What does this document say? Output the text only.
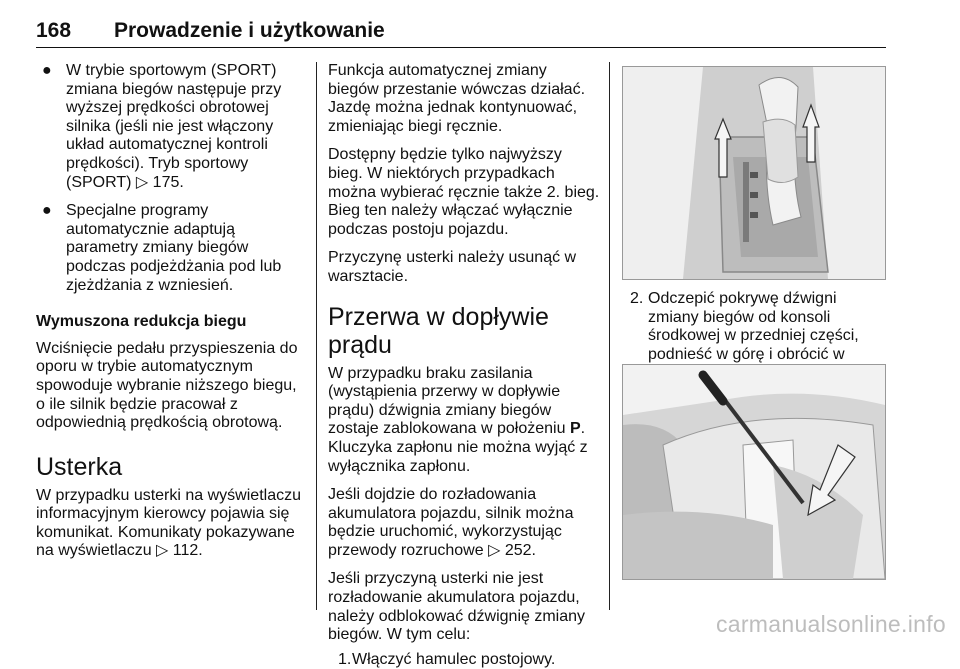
168	Prowadzenie i użytkowanie
● W trybie sportowym (SPORT) zmiana biegów następuje przy wyższej prędkości obrotowej silnika (jeśli nie jest włączony układ automatycznej kontroli prędkości). Tryb sportowy (SPORT) ▷ 175.
● Specjalne programy automatycznie adaptują parametry zmiany biegów podczas podjeżdżania pod lub zjeżdżania z wzniesień.
Wymuszona redukcja biegu

Wciśnięcie pedału przyspieszenia do oporu w trybie automatycznym spowoduje wybranie niższego biegu, o ile silnik będzie pracował z odpowiednią prędkością obrotową.

Usterka

W przypadku usterki na wyświetlaczu informacyjnym kierowcy pojawia się komunikat. Komunikaty pokazywane na wyświetlaczu ▷ 112.

Funkcja automatycznej zmiany biegów przestanie wówczas działać. Jazdę można jednak kontynuować, zmieniając biegi ręcznie.

Dostępny będzie tylko najwyższy bieg. W niektórych przypadkach można wybierać ręcznie także 2. bieg. Bieg ten należy włączać wyłącznie podczas postoju pojazdu.

Przyczynę usterki należy usunąć w warsztacie.

Przerwa w dopływie prądu

W przypadku braku zasilania (wystąpienia przerwy w dopływie prądu) dźwignia zmiany biegów zostaje zablokowana w położeniu P. Kluczyka zapłonu nie można wyjąć z wyłącznika zapłonu.

Jeśli dojdzie do rozładowania akumulatora pojazdu, silnik można będzie uruchomić, wykorzystując przewody rozruchowe ▷ 252.

Jeśli przyczyną usterki nie jest rozładowanie akumulatora pojazdu, należy odblokować dźwignię zmiany biegów. W tym celu:

1. Włączyć hamulec postojowy.
2. Odczepić pokrywę dźwigni zmiany biegów od konsoli środkowej w przedniej części, podnieść w górę i obrócić w
carmanualsonline.info
